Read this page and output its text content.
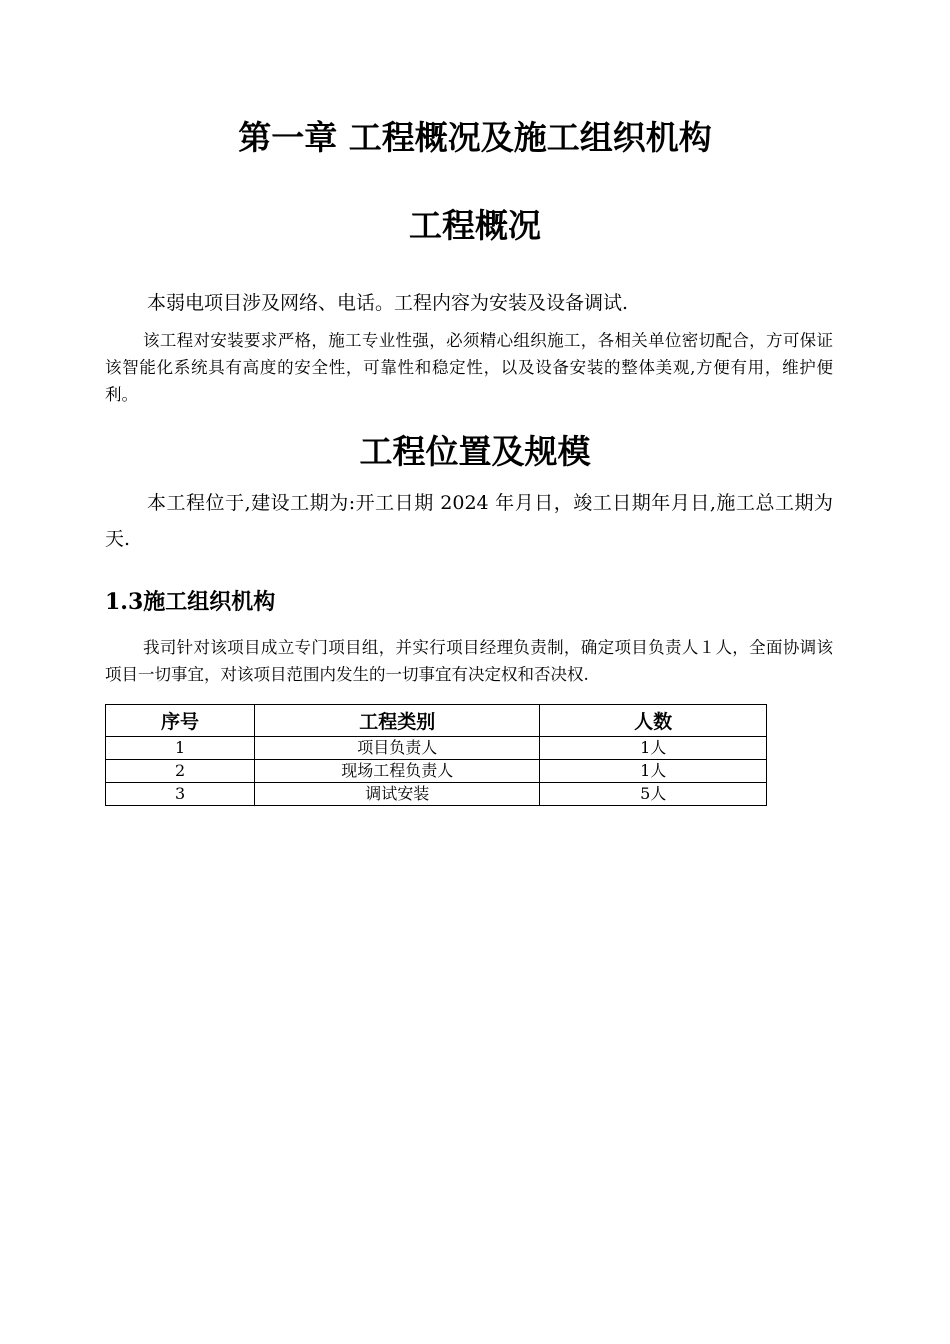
第一章 工程概况及施工组织机构
工程概况

本弱电项目涉及网络、电话。工程内容为安装及设备调试.

该工程对安装要求严格，施工专业性强，必须精心组织施工，各相关单位密切配合，方可保证该智能化系统具有高度的安全性，可靠性和稳定性，以及设备安装的整体美观,方便有用，维护便利。

工程位置及规模

本工程位于,建设工期为:开工日期 2024 年月日，竣工日期年月日,施工总工期为天.

1.3施工组织机构

我司针对该项目成立专门项目组，并实行项目经理负责制，确定项目负责人１人，全面协调该项目一切事宜，对该项目范围内发生的一切事宜有决定权和否决权.

序号	工程类别	人数
1	项目负责人	1人
2	现场工程负责人	1人
3	调试安装	5人
